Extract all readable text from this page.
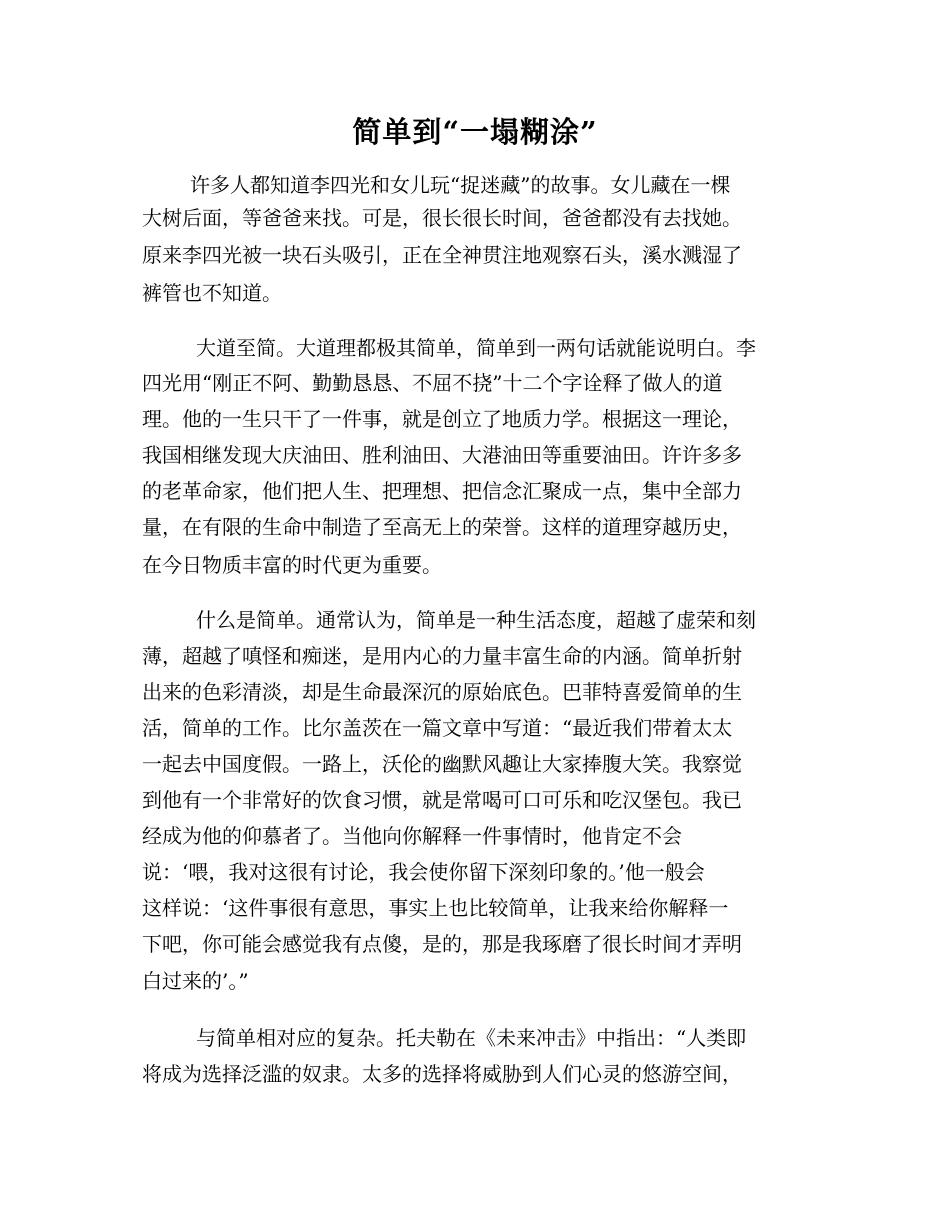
简单到“一塌糊涂”
许多人都知道李四光和女儿玩“捉迷藏”的故事。女儿藏在一棵
大树后面，等爸爸来找。可是，很长很长时间，爸爸都没有去找她。
原来李四光被一块石头吸引，正在全神贯注地观察石头，溪水溅湿了
裤管也不知道。
大道至简。大道理都极其简单，简单到一两句话就能说明白。李
四光用“刚正不阿、勤勤恳恳、不屈不挠”十二个字诠释了做人的道
理。他的一生只干了一件事，就是创立了地质力学。根据这一理论，
我国相继发现大庆油田、胜利油田、大港油田等重要油田。许许多多
的老革命家，他们把人生、把理想、把信念汇聚成一点，集中全部力
量，在有限的生命中制造了至高无上的荣誉。这样的道理穿越历史，
在今日物质丰富的时代更为重要。
什么是简单。通常认为，简单是一种生活态度，超越了虚荣和刻
薄，超越了嗔怪和痴迷，是用内心的力量丰富生命的内涵。简单折射
出来的色彩清淡，却是生命最深沉的原始底色。巴菲特喜爱简单的生
活，简单的工作。比尔盖茨在一篇文章中写道：“最近我们带着太太
一起去中国度假。一路上，沃伦的幽默风趣让大家捧腹大笑。我察觉
到他有一个非常好的饮食习惯，就是常喝可口可乐和吃汉堡包。我已
经成为他的仰慕者了。当他向你解释一件事情时，他肯定不会
说：‘喂，我对这很有讨论，我会使你留下深刻印象的。’他一般会
这样说：‘这件事很有意思，事实上也比较简单，让我来给你解释一
下吧，你可能会感觉我有点傻，是的，那是我琢磨了很长时间才弄明
白过来的’。”
与简单相对应的复杂。托夫勒在《未来冲击》中指出：“人类即
将成为选择泛滥的奴隶。太多的选择将威胁到人们心灵的悠游空间，
